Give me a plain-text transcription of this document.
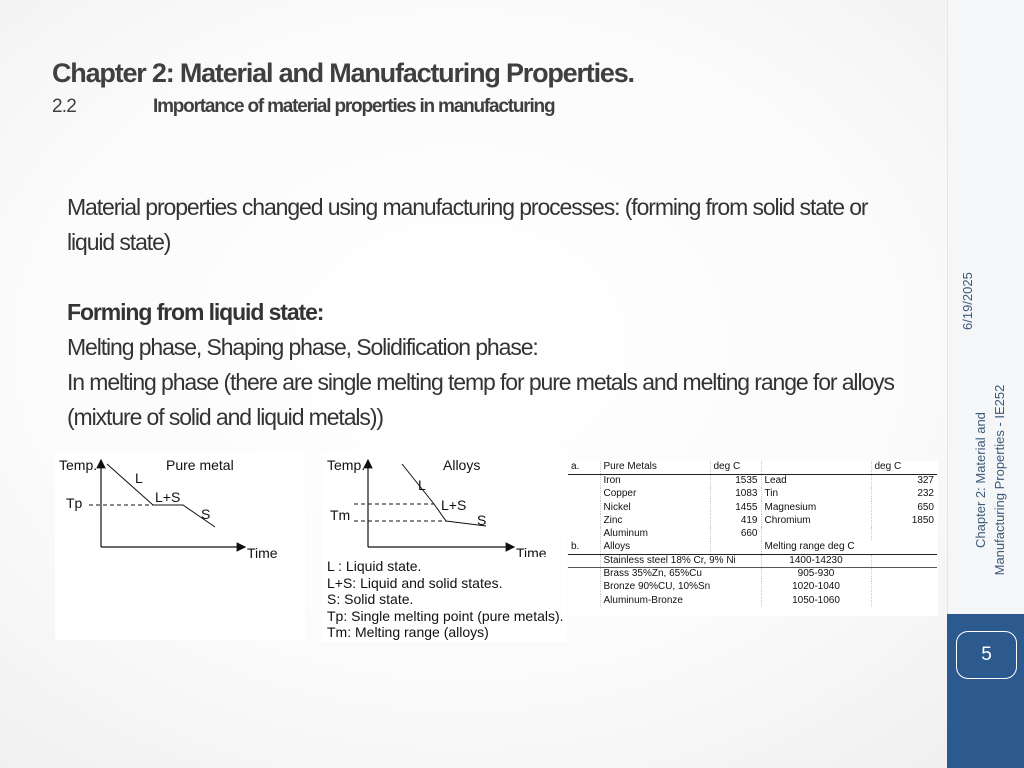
6/19/2025
Chapter 2: Material and Manufacturing Properties - IE252
5
Chapter 2: Material and Manufacturing Properties.
2.2	Importance of material properties in manufacturing

Material properties changed using manufacturing processes: (forming from solid state or liquid state)

Forming from liquid state:

Melting phase, Shaping phase, Solidification phase:

In melting phase (there are single melting temp for pure metals and melting range for alloys (mixture of solid and liquid metals))

Temp.	Pure metal
L
L+S
S
Tp
Time
Temp.	Alloys
L
L+S
S
Tm
Time
L : Liquid state.
L+S: Liquid and solid states.
S: Solid state.
Tp: Single melting point (pure metals).
Tm: Melting range (alloys)
a.	Pure Metals	deg C		deg C
	Iron	1535	Lead	327
	Copper	1083	Tin	232
	Nickel	1455	Magnesium	650
	Zinc	419	Chromium	1850
	Aluminum	660		
b.	Alloys		Melting range deg C	
	Stainless steel 18% Cr, 9% Ni		1400-14230	
	Brass 35%Zn, 65%Cu		905-930	
	Bronze 90%CU, 10%Sn		1020-1040	
	Aluminum-Bronze		1050-1060	
